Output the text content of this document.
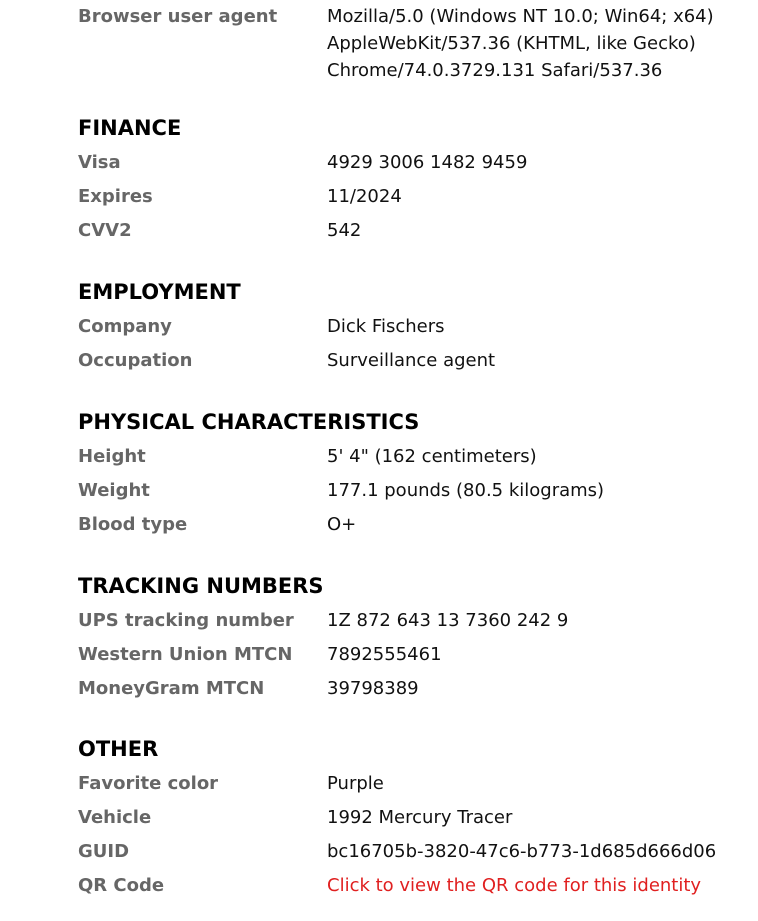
Browser user agent	Mozilla/5.0 (Windows NT 10.0; Win64; x64)
AppleWebKit/537.36 (KHTML, like Gecko)
Chrome/74.0.3729.131 Safari/537.36
FINANCE
Visa	4929 3006 1482 9459
Expires	11/2024
CVV2	542
EMPLOYMENT
Company	Dick Fischers
Occupation	Surveillance agent
PHYSICAL CHARACTERISTICS
Height	5' 4" (162 centimeters)
Weight	177.1 pounds (80.5 kilograms)
Blood type	O+
TRACKING NUMBERS
UPS tracking number	1Z 872 643 13 7360 242 9
Western Union MTCN	7892555461
MoneyGram MTCN	39798389
OTHER
Favorite color	Purple
Vehicle	1992 Mercury Tracer
GUID	bc16705b-3820-47c6-b773-1d685d666d06
QR Code	Click to view the QR code for this identity
